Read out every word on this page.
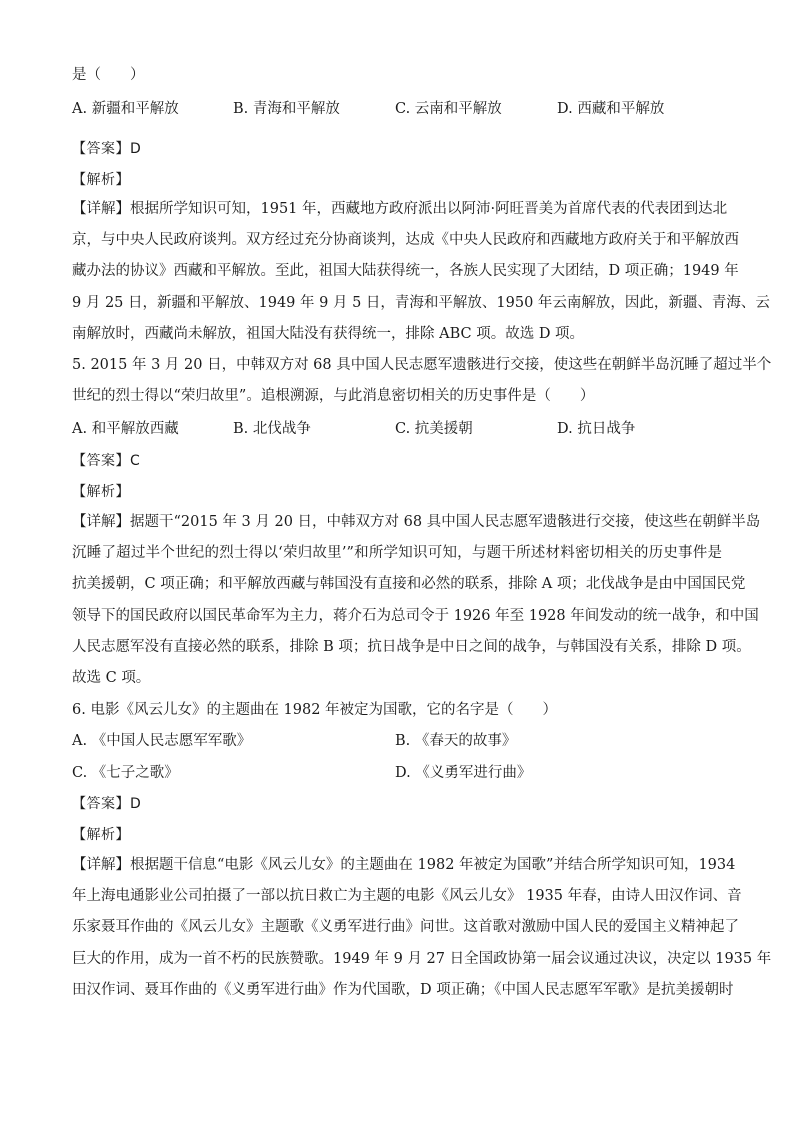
是（　　）
A. 新疆和平解放	B. 青海和平解放	C. 云南和平解放	D. 西藏和平解放
【答案】D
【解析】
【详解】根据所学知识可知，1951 年，西藏地方政府派出以阿沛·阿旺晋美为首席代表的代表团到达北
京，与中央人民政府谈判。双方经过充分协商谈判，达成《中央人民政府和西藏地方政府关于和平解放西
藏办法的协议》西藏和平解放。至此，祖国大陆获得统一，各族人民实现了大团结，D 项正确；1949 年
9 月 25 日，新疆和平解放、1949 年 9 月 5 日，青海和平解放、1950 年云南解放，因此，新疆、青海、云
南解放时，西藏尚未解放，祖国大陆没有获得统一，排除 ABC 项。故选 D 项。
5. 2015 年 3 月 20 日，中韩双方对 68 具中国人民志愿军遗骸进行交接，使这些在朝鲜半岛沉睡了超过半个
世纪的烈士得以“荣归故里”。追根溯源，与此消息密切相关的历史事件是（　　）
A. 和平解放西藏	B. 北伐战争	C. 抗美援朝	D. 抗日战争
【答案】C
【解析】
【详解】据题干“2015 年 3 月 20 日，中韩双方对 68 具中国人民志愿军遗骸进行交接，使这些在朝鲜半岛
沉睡了超过半个世纪的烈士得以‘荣归故里’”和所学知识可知，与题干所述材料密切相关的历史事件是
抗美援朝，C 项正确；和平解放西藏与韩国没有直接和必然的联系，排除 A 项；北伐战争是由中国国民党
领导下的国民政府以国民革命军为主力，蒋介石为总司令于 1926 年至 1928 年间发动的统一战争，和中国
人民志愿军没有直接必然的联系，排除 B 项；抗日战争是中日之间的战争，与韩国没有关系，排除 D 项。
故选 C 项。
6. 电影《风云儿女》的主题曲在 1982 年被定为国歌，它的名字是（　　）
A. 《中国人民志愿军军歌》	B. 《春天的故事》
C. 《七子之歌》	D. 《义勇军进行曲》
【答案】D
【解析】
【详解】根据题干信息“电影《风云儿女》的主题曲在 1982 年被定为国歌”并结合所学知识可知，1934
年上海电通影业公司拍摄了一部以抗日救亡为主题的电影《风云儿女》 1935 年春，由诗人田汉作词、音
乐家聂耳作曲的《风云儿女》主题歌《义勇军进行曲》问世。这首歌对激励中国人民的爱国主义精神起了
巨大的作用，成为一首不朽的民族赞歌。1949 年 9 月 27 日全国政协第一届会议通过决议，决定以 1935 年
田汉作词、聂耳作曲的《义勇军进行曲》作为代国歌，D 项正确；《中国人民志愿军军歌》是抗美援朝时
